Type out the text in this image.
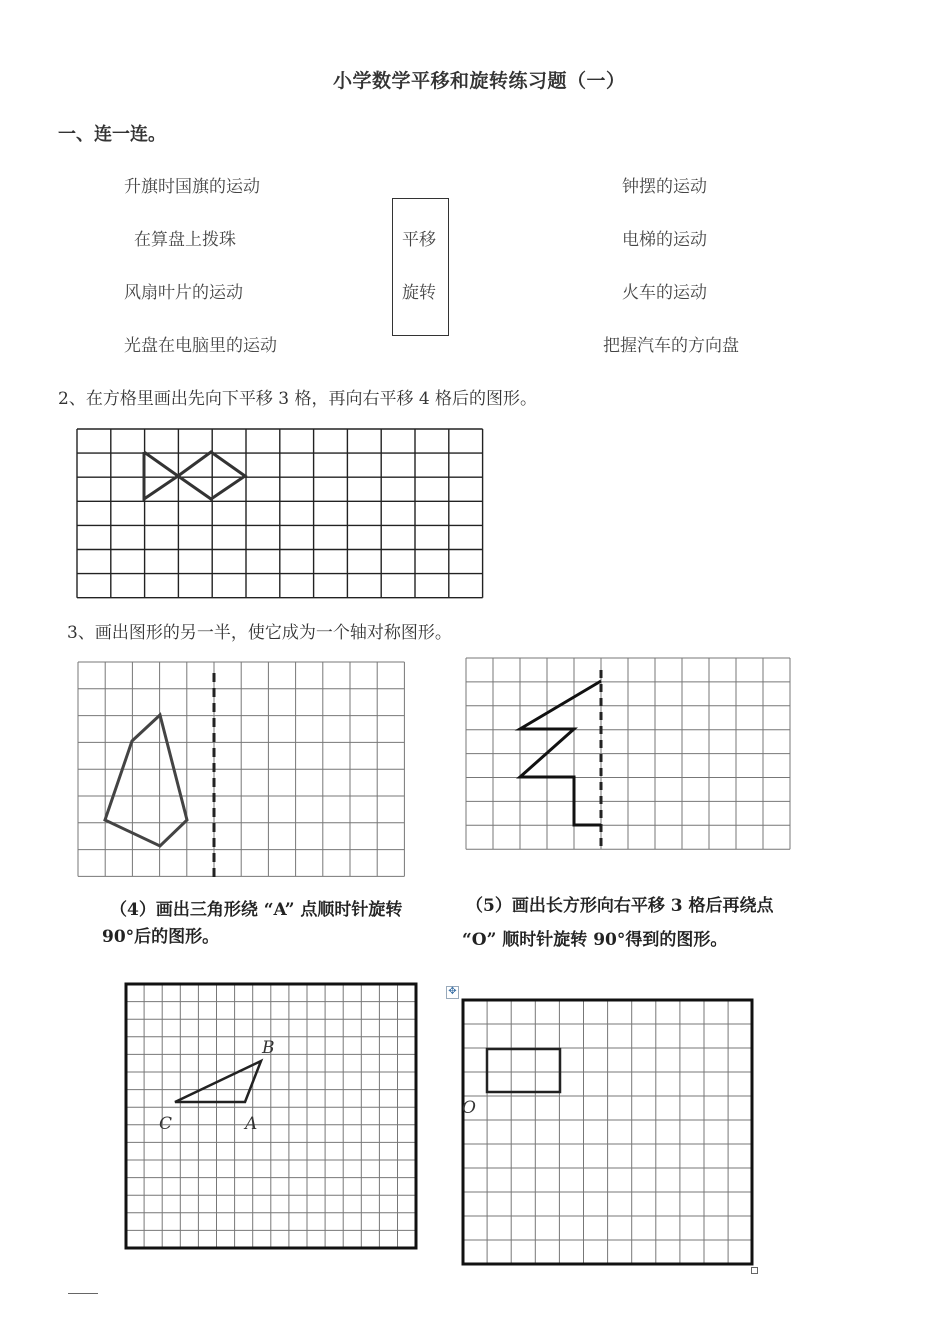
小学数学平移和旋转练习题（一）
一、连一连。
升旗时国旗的运动
在算盘上拨珠
风扇叶片的运动
光盘在电脑里的运动
平移
旋转
钟摆的运动
电梯的运动
火车的运动
把握汽车的方向盘
2、在方格里画出先向下平移 3 格，再向右平移 4 格后的图形。
3、画出图形的另一半，使它成为一个轴对称图形。
（4）画出三角形绕 “A” 点顺时针旋转
90°后的图形。
（5）画出长方形向右平移 3 格后再绕点
“O” 顺时针旋转 90°得到的图形。
B
C	A
✥
O
